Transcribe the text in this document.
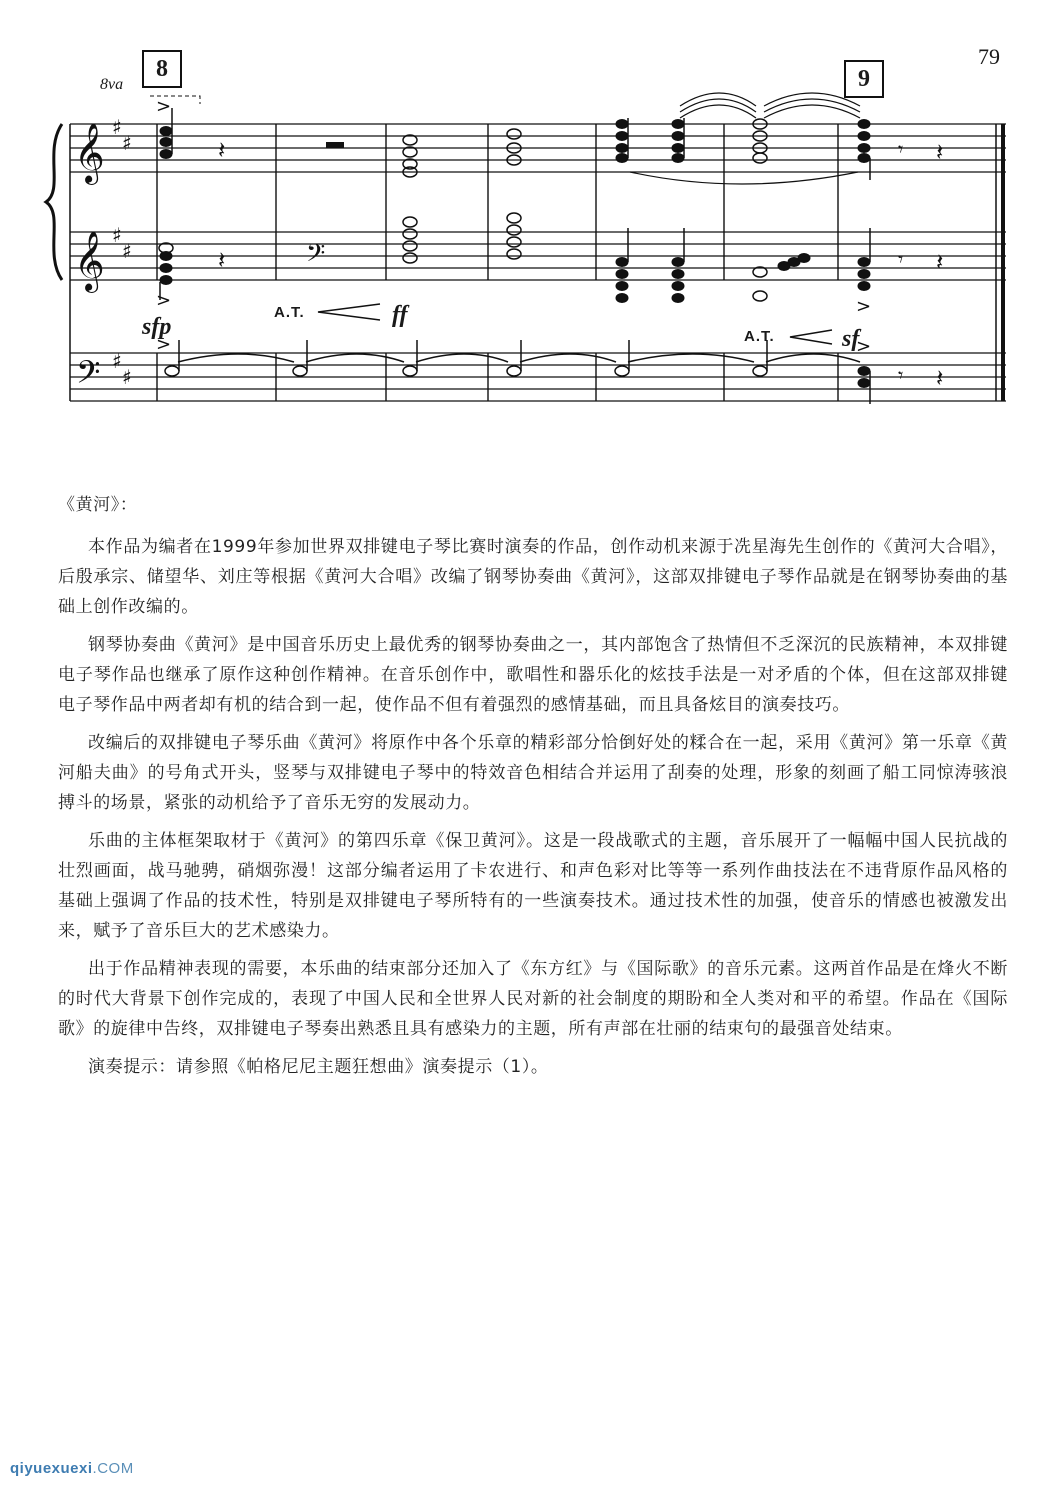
79
𝄞
𝄞
𝄢
𝄢
♯
♯
♯
♯
♯
♯
>
𝄽	𝄾 𝄽
>
𝄽
>
𝄾 𝄽
>	>
𝄾 𝄽
8	9
8va
sfp	ff
sf
A.T.
A.T.

《黄河》：

本作品为编者在1999年参加世界双排键电子琴比赛时演奏的作品，创作动机来源于冼星海先生创作的《黄河大合唱》，后殷承宗、储望华、刘庄等根据《黄河大合唱》改编了钢琴协奏曲《黄河》，这部双排键电子琴作品就是在钢琴协奏曲的基础上创作改编的。

钢琴协奏曲《黄河》是中国音乐历史上最优秀的钢琴协奏曲之一，其内部饱含了热情但不乏深沉的民族精神，本双排键电子琴作品也继承了原作这种创作精神。在音乐创作中，歌唱性和器乐化的炫技手法是一对矛盾的个体，但在这部双排键电子琴作品中两者却有机的结合到一起，使作品不但有着强烈的感情基础，而且具备炫目的演奏技巧。

改编后的双排键电子琴乐曲《黄河》将原作中各个乐章的精彩部分恰倒好处的糅合在一起，采用《黄河》第一乐章《黄河船夫曲》的号角式开头，竖琴与双排键电子琴中的特效音色相结合并运用了刮奏的处理，形象的刻画了船工同惊涛骇浪搏斗的场景，紧张的动机给予了音乐无穷的发展动力。

乐曲的主体框架取材于《黄河》的第四乐章《保卫黄河》。这是一段战歌式的主题，音乐展开了一幅幅中国人民抗战的壮烈画面，战马驰骋，硝烟弥漫！这部分编者运用了卡农进行、和声色彩对比等等一系列作曲技法在不违背原作品风格的基础上强调了作品的技术性，特别是双排键电子琴所特有的一些演奏技术。通过技术性的加强，使音乐的情感也被激发出来，赋予了音乐巨大的艺术感染力。

出于作品精神表现的需要，本乐曲的结束部分还加入了《东方红》与《国际歌》的音乐元素。这两首作品是在烽火不断的时代大背景下创作完成的，表现了中国人民和全世界人民对新的社会制度的期盼和全人类对和平的希望。作品在《国际歌》的旋律中告终，双排键电子琴奏出熟悉且具有感染力的主题，所有声部在壮丽的结束句的最强音处结束。

演奏提示：请参照《帕格尼尼主题狂想曲》演奏提示（1）。

qiyuexuexi.COM
